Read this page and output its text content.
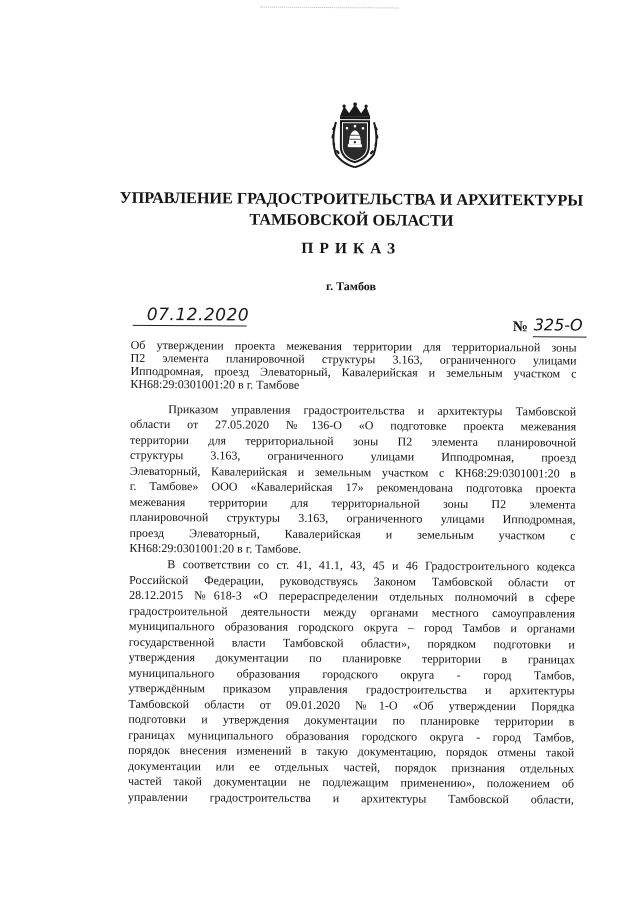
УПРАВЛЕНИЕ ГРАДОСТРОИТЕЛЬСТВА И АРХИТЕКТУРЫ
ТАМБОВСКОЙ ОБЛАСТИ
ПРИКАЗ
г. Тамбов
07.12.2020
№ 325-О
Об утверждении проекта межевания территории для территориальной зоны
П2 элемента планировочной структуры 3.163, ограниченного улицами
Ипподромная, проезд Элеваторный, Кавалерийская и земельным участком с
КН68:29:0301001:20 в г. Тамбове
Приказом управления градостроительства и архитектуры Тамбовской
области от 27.05.2020 №136-О «О подготовке проекта межевания
территории для территориальной зоны П2 элемента планировочной
структуры 3.163, ограниченного улицами Ипподромная, проезд
Элеваторный, Кавалерийская и земельным участком с КН68:29:0301001:20 в
г. Тамбове» ООО «Кавалерийская 17» рекомендована подготовка проекта
межевания территории для территориальной зоны П2 элемента
планировочной структуры 3.163, ограниченного улицами Ипподромная,
проезд Элеваторный, Кавалерийская и земельным участком с
КН68:29:0301001:20 в г. Тамбове.
В соответствии со ст. 41, 41.1, 43, 45 и 46 Градостроительного кодекса
Российской Федерации, руководствуясь Законом Тамбовской области от
28.12.2015 №618-З «О перераспределении отдельных полномочий в сфере
градостроительной деятельности между органами местного самоуправления
муниципального образования городского округа – город Тамбов и органами
государственной власти Тамбовской области», порядком подготовки и
утверждения документации по планировке территории в границах
муниципального образования городского округа - город Тамбов,
утверждённым приказом управления градостроительства и архитектуры
Тамбовской области от 09.01.2020 №1-О «Об утверждении Порядка
подготовки и утверждения документации по планировке территории в
границах муниципального образования городского округа - город Тамбов,
порядок внесения изменений в такую документацию, порядок отмены такой
документации или ее отдельных частей, порядок признания отдельных
частей такой документации не подлежащим применению», положением об
управлении градостроительства и архитектуры Тамбовской области,
